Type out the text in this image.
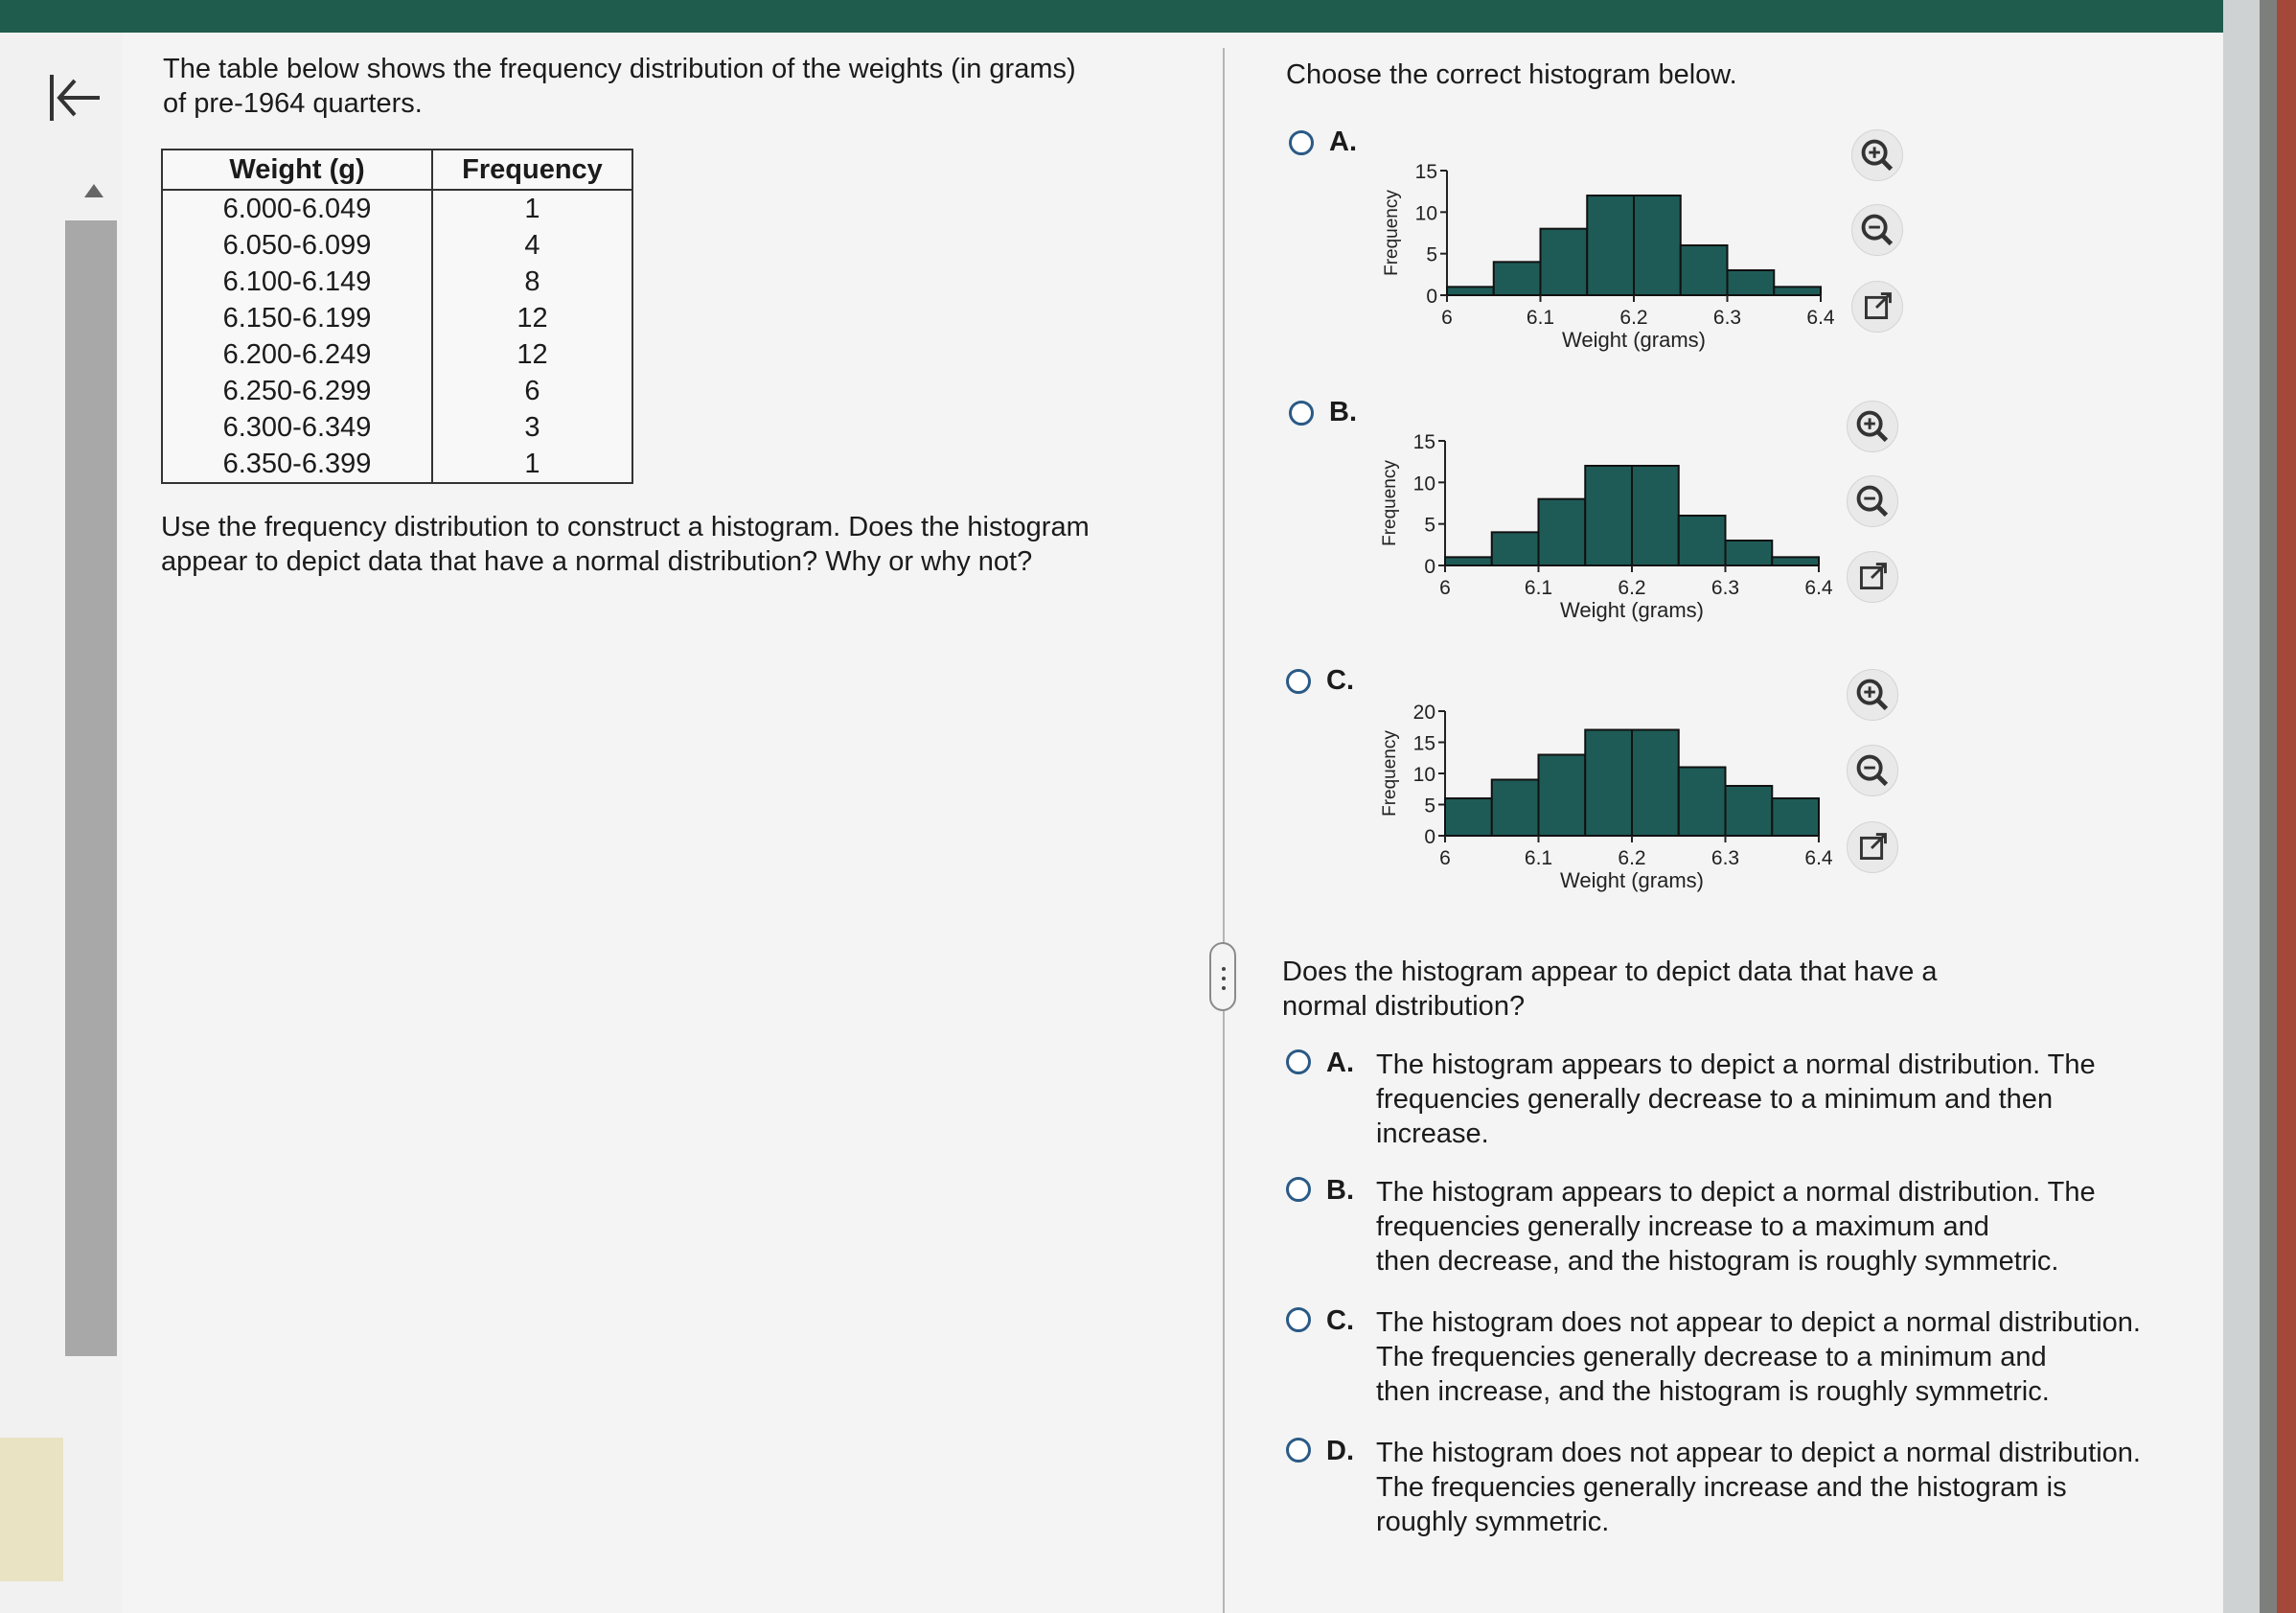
The table below shows the frequency distribution of the weights (in grams)
of pre-1964 quarters.
Weight (g)	Frequency
6.000-6.049	1
6.050-6.099	4
6.100-6.149	8
6.150-6.199	12
6.200-6.249	12
6.250-6.299	6
6.300-6.349	3
6.350-6.399	1
Use the frequency distribution to construct a histogram. Does the histogram
appear to depict data that have a normal distribution? Why or why not?
Choose the correct histogram below.
A.
0
5
10
15
6	6.1	6.2	6.3	6.4
Weight (grams)
Frequency
B.
0
5
10
15
6	6.1	6.2	6.3	6.4
Weight (grams)
Frequency
C.
0
5
10
15
20
6	6.1	6.2	6.3	6.4
Weight (grams)
Frequency
Does the histogram appear to depict data that have a
normal distribution?
A. The histogram appears to depict a normal distribution. The
frequencies generally decrease to a minimum and then
increase.
B. The histogram appears to depict a normal distribution. The
frequencies generally increase to a maximum and
then decrease, and the histogram is roughly symmetric.
C. The histogram does not appear to depict a normal distribution.
The frequencies generally decrease to a minimum and
then increase, and the histogram is roughly symmetric.
D. The histogram does not appear to depict a normal distribution.
The frequencies generally increase and the histogram is
roughly symmetric.
